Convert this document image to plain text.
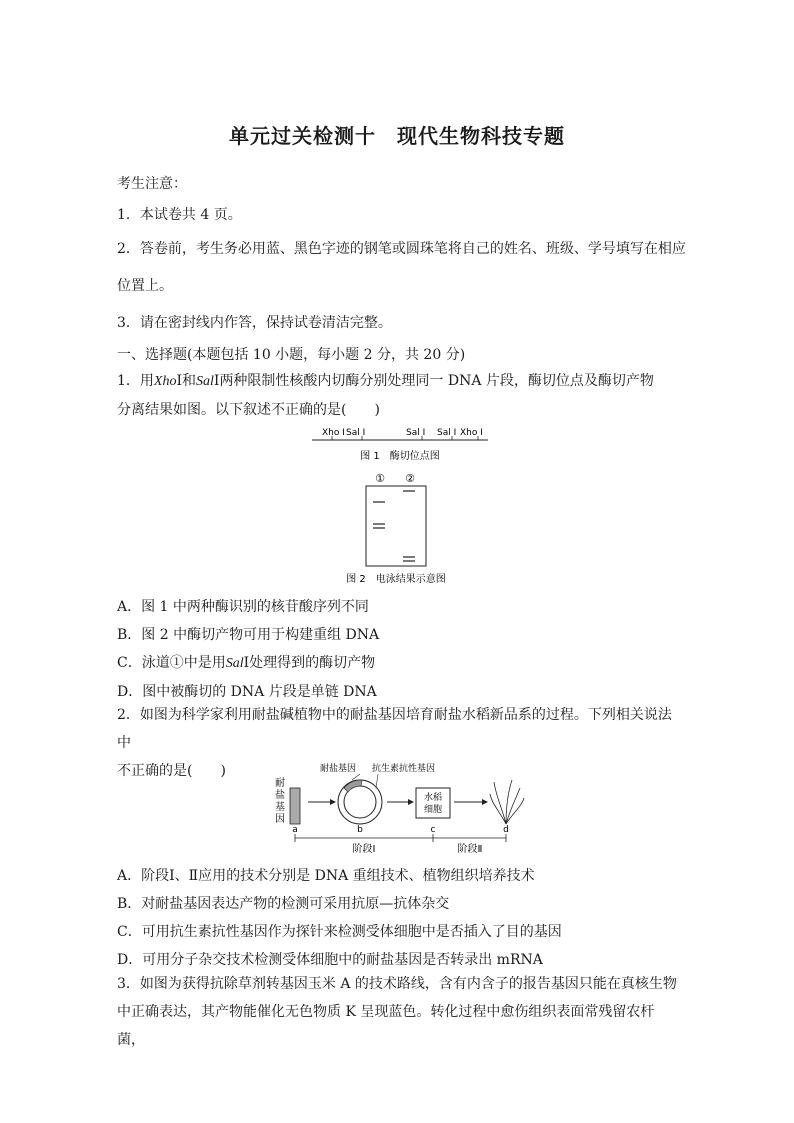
单元过关检测十　现代生物科技专题
考生注意：
1．本试卷共 4 页。
2．答卷前，考生务必用蓝、黑色字迹的钢笔或圆珠笔将自己的姓名、班级、学号填写在相应
位置上。
3．请在密封线内作答，保持试卷清洁完整。
一、选择题(本题包括 10 小题，每小题 2 分，共 20 分)
1．用XhoⅠ和SalⅠ两种限制性核酸内切酶分别处理同一 DNA 片段，酶切位点及酶切产物
分离结果如图。以下叙述不正确的是(　　)
Xho Ⅰ Sal Ⅰ	Sal Ⅰ Sal Ⅰ Xho Ⅰ
图 1　酶切位点图
① ②
图 2　电泳结果示意图
A．图 1 中两种酶识别的核苷酸序列不同
B．图 2 中酶切产物可用于构建重组 DNA
C．泳道①中是用SalⅠ处理得到的酶切产物
D．图中被酶切的 DNA 片段是单链 DNA
2．如图为科学家利用耐盐碱植物中的耐盐基因培育耐盐水稻新品系的过程。下列相关说法中
不正确的是(　　)
耐
盐
基
因
a
耐盐基因 抗生素抗性基因
b
水稻
细胞
c	d
阶段Ⅰ	阶段Ⅱ
A．阶段Ⅰ、Ⅱ应用的技术分别是 DNA 重组技术、植物组织培养技术
B．对耐盐基因表达产物的检测可采用抗原—抗体杂交
C．可用抗生素抗性基因作为探针来检测受体细胞中是否插入了目的基因
D．可用分子杂交技术检测受体细胞中的耐盐基因是否转录出 mRNA
3．如图为获得抗除草剂转基因玉米 A 的技术路线，含有内含子的报告基因只能在真核生物
中正确表达，其产物能催化无色物质 K 呈现蓝色。转化过程中愈伤组织表面常残留农杆菌，
